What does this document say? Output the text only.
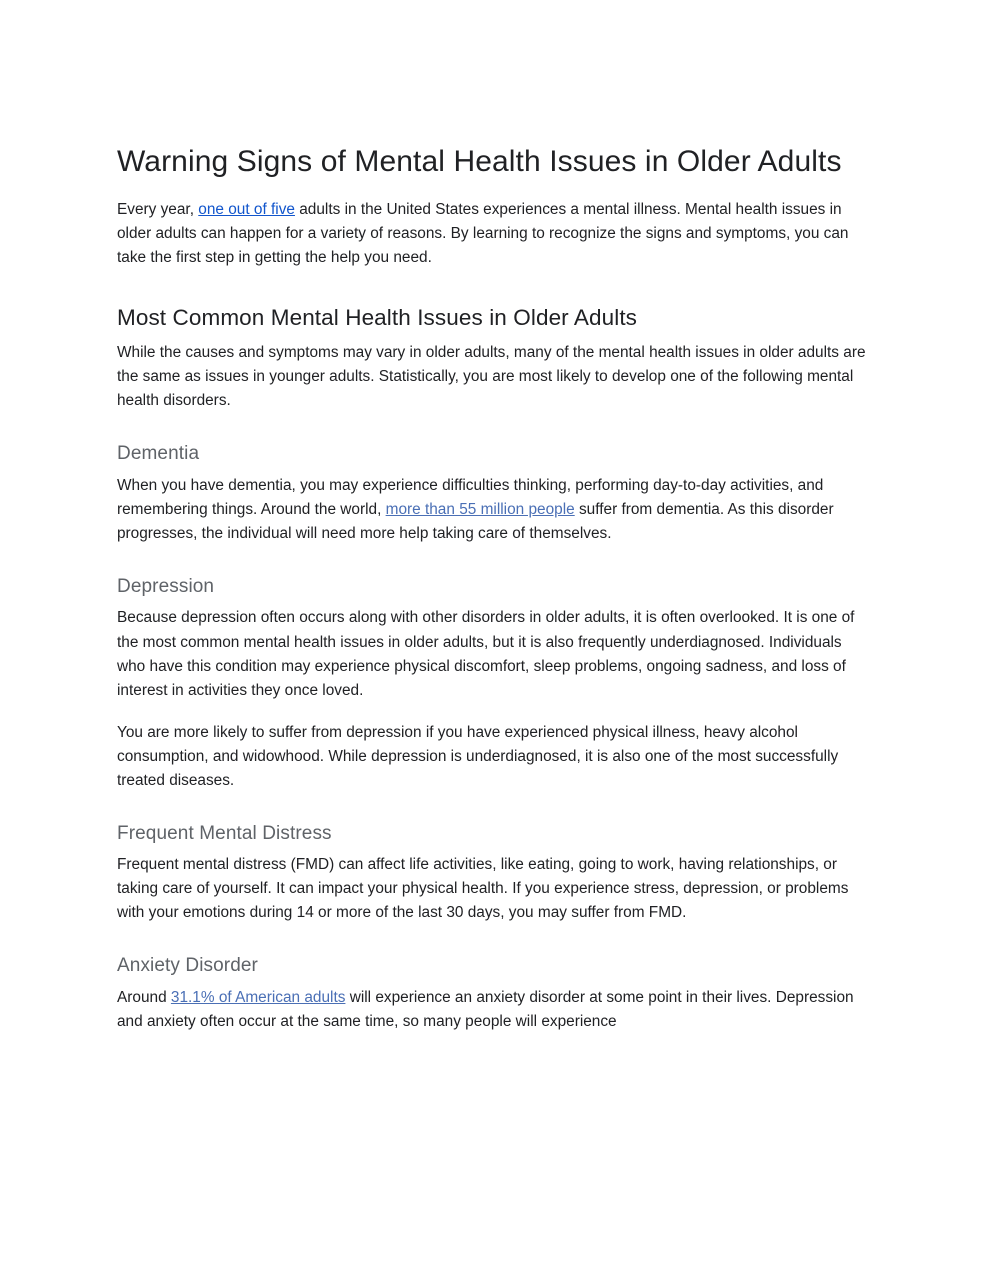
Warning Signs of Mental Health Issues in Older Adults

Every year, one out of five adults in the United States experiences a mental illness. Mental health issues in older adults can happen for a variety of reasons. By learning to recognize the signs and symptoms, you can take the first step in getting the help you need.

Most Common Mental Health Issues in Older Adults

While the causes and symptoms may vary in older adults, many of the mental health issues in older adults are the same as issues in younger adults. Statistically, you are most likely to develop one of the following mental health disorders.

Dementia

When you have dementia, you may experience difficulties thinking, performing day-to-day activities, and remembering things. Around the world, more than 55 million people suffer from dementia. As this disorder progresses, the individual will need more help taking care of themselves.

Depression

Because depression often occurs along with other disorders in older adults, it is often overlooked. It is one of the most common mental health issues in older adults, but it is also frequently underdiagnosed. Individuals who have this condition may experience physical discomfort, sleep problems, ongoing sadness, and loss of interest in activities they once loved.

You are more likely to suffer from depression if you have experienced physical illness, heavy alcohol consumption, and widowhood. While depression is underdiagnosed, it is also one of the most successfully treated diseases.

Frequent Mental Distress

Frequent mental distress (FMD) can affect life activities, like eating, going to work, having relationships, or taking care of yourself. It can impact your physical health. If you experience stress, depression, or problems with your emotions during 14 or more of the last 30 days, you may suffer from FMD.

Anxiety Disorder

Around 31.1% of American adults will experience an anxiety disorder at some point in their lives. Depression and anxiety often occur at the same time, so many people will experience
